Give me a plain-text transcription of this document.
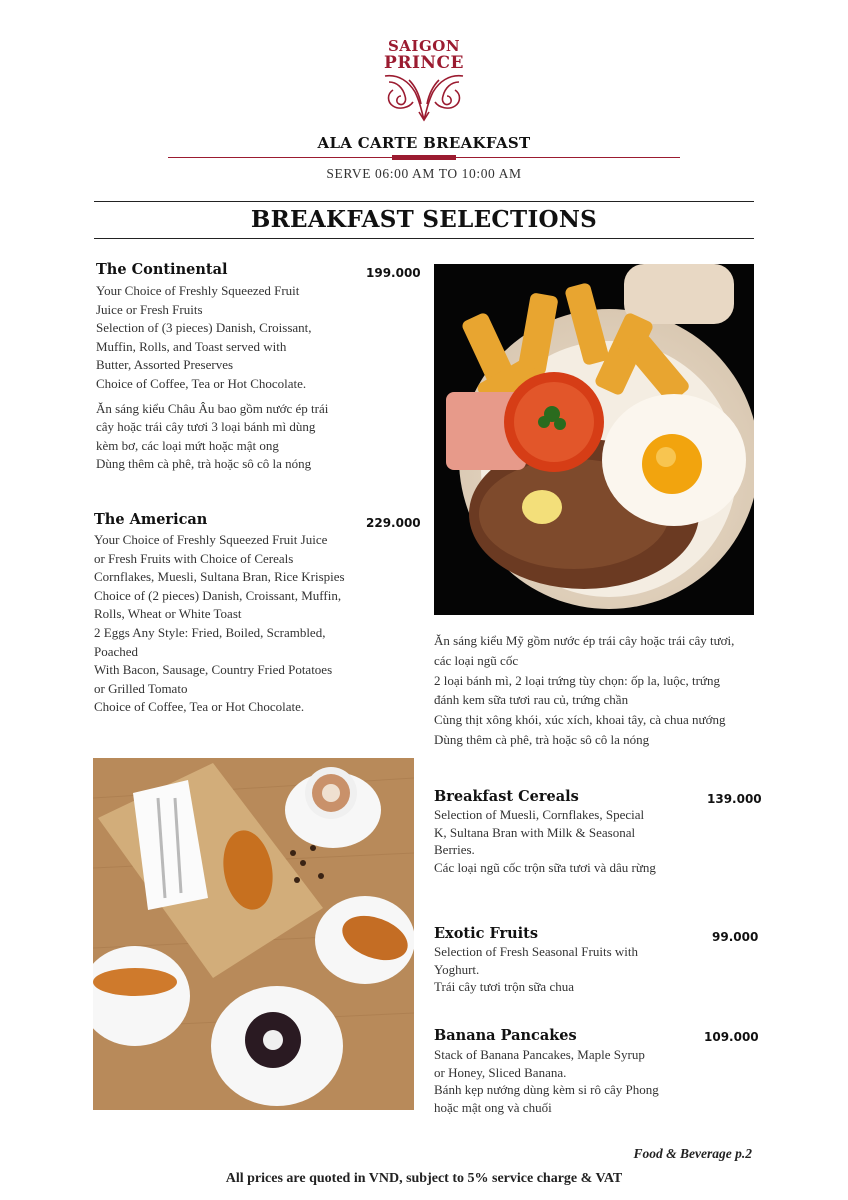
SAIGON
PRINCE
ALA CARTE BREAKFAST
SERVE 06:00 AM TO 10:00 AM
BREAKFAST SELECTIONS
The Continental	199.000
Your Choice of Freshly Squeezed Fruit
Juice or Fresh Fruits
Selection of (3 pieces) Danish, Croissant,
Muffin, Rolls, and Toast served with
Butter, Assorted Preserves
Choice of Coffee, Tea or Hot Chocolate.
Ăn sáng kiểu Châu Âu bao gồm nước ép trái
cây hoặc trái cây tươi 3 loại bánh mì dùng
kèm bơ, các loại mứt hoặc mật ong
Dùng thêm cà phê, trà hoặc sô cô la nóng
The American	229.000
Your Choice of Freshly Squeezed Fruit Juice
or Fresh Fruits with Choice of Cereals
Cornflakes, Muesli, Sultana Bran, Rice Krispies
Choice of (2 pieces) Danish, Croissant, Muffin,
Rolls, Wheat or White Toast
2 Eggs Any Style: Fried, Boiled, Scrambled,
Poached
With Bacon, Sausage, Country Fried Potatoes
or Grilled Tomato
Choice of Coffee, Tea or Hot Chocolate.
Ăn sáng kiểu Mỹ gồm nước ép trái cây hoặc trái cây tươi,
các loại ngũ cốc
2 loại bánh mì, 2 loại trứng tùy chọn: ốp la, luộc, trứng
đánh kem sữa tươi rau củ, trứng chần
Cùng thịt xông khói, xúc xích, khoai tây, cà chua nướng
Dùng thêm cà phê, trà hoặc sô cô la nóng
Breakfast Cereals	139.000
Selection of Muesli, Cornflakes, Special
K, Sultana Bran with Milk & Seasonal
Berries.
Các loại ngũ cốc trộn sữa tươi và dâu rừng
Exotic Fruits	99.000
Selection of Fresh Seasonal Fruits with
Yoghurt.
Trái cây tươi trộn sữa chua
Banana Pancakes	109.000
Stack of Banana Pancakes, Maple Syrup
or Honey, Sliced Banana.
Bánh kẹp nướng dùng kèm si rô cây Phong
hoặc mật ong và chuối
Food & Beverage p.2
All prices are quoted in VND, subject to 5% service charge & VAT
